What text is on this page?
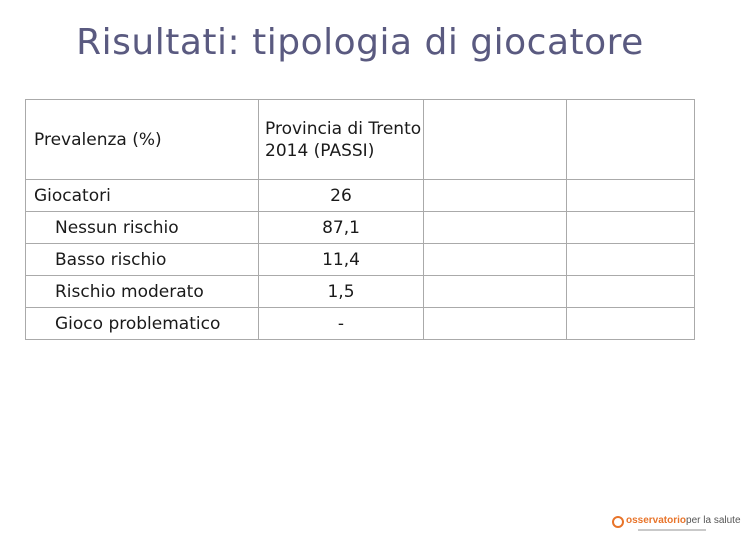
Risultati: tipologia di giocatore
Prevalenza (%)	Provincia di Trento 2014 (PASSI)		
Giocatori	26		
Nessun rischio	87,1		
Basso rischio	11,4		
Rischio moderato	1,5		
Gioco problematico	-		
osservatorioper la salute
